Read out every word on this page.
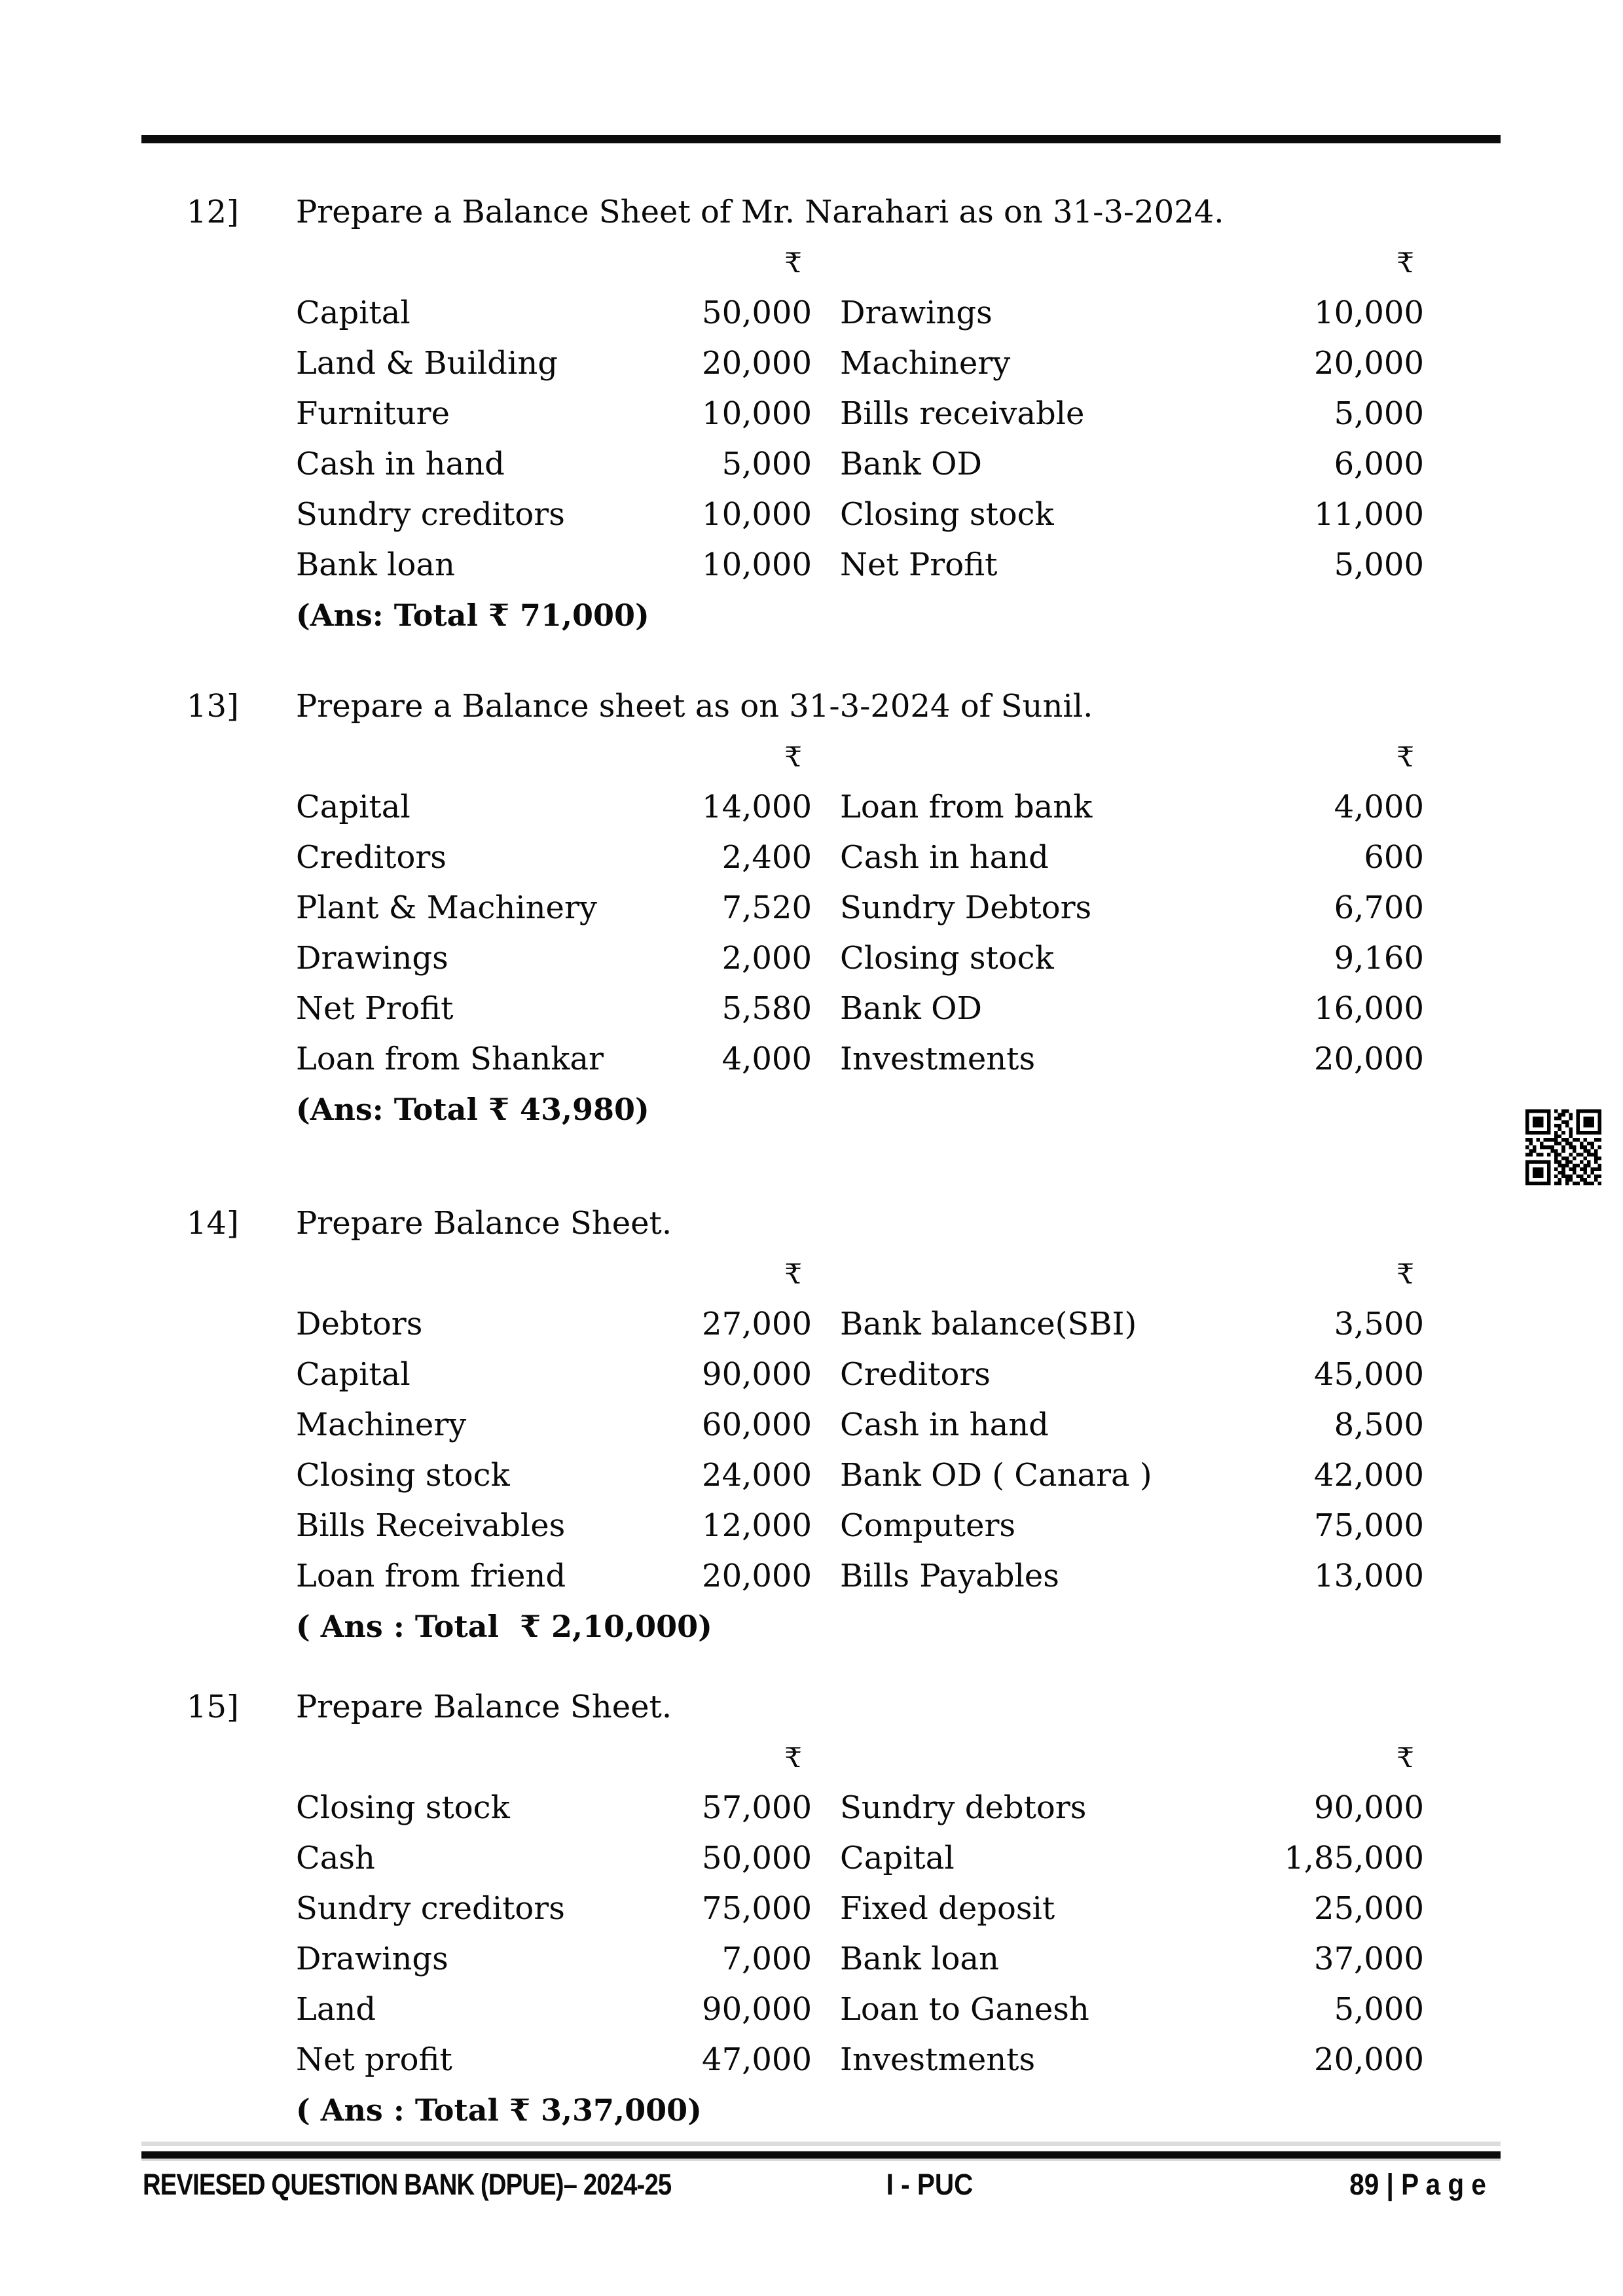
12] Prepare a Balance Sheet of Mr. Narahari as on 31-3-2024.
₹	₹
Capital	50,000 Drawings	10,000
Land & Building	20,000 Machinery	20,000
Furniture	10,000 Bills receivable	5,000
Cash in hand	5,000 Bank OD	6,000
Sundry creditors	10,000 Closing stock	11,000
Bank loan	10,000 Net Profit	5,000
(Ans: Total ₹ 71,000)
13] Prepare a Balance sheet as on 31-3-2024 of Sunil.
₹	₹
Capital	14,000 Loan from bank	4,000
Creditors	2,400 Cash in hand	600
Plant & Machinery	7,520 Sundry Debtors	6,700
Drawings	2,000 Closing stock	9,160
Net Profit	5,580 Bank OD	16,000
Loan from Shankar	4,000 Investments	20,000
(Ans: Total ₹ 43,980)
14] Prepare Balance Sheet.
₹	₹
Debtors	27,000 Bank balance(SBI)	3,500
Capital	90,000 Creditors	45,000
Machinery	60,000 Cash in hand	8,500
Closing stock	24,000 Bank OD ( Canara )	42,000
Bills Receivables	12,000 Computers	75,000
Loan from friend	20,000 Bills Payables	13,000
( Ans : Total  ₹ 2,10,000)
15] Prepare Balance Sheet.
₹	₹
Closing stock	57,000 Sundry debtors	90,000
Cash	50,000 Capital	1,85,000
Sundry creditors	75,000 Fixed deposit	25,000
Drawings	7,000 Bank loan	37,000
Land	90,000 Loan to Ganesh	5,000
Net profit	47,000 Investments	20,000
( Ans : Total ₹ 3,37,000)
REVIESED QUESTION BANK (DPUE)– 2024-25	I - PUC	89 | P a g e
